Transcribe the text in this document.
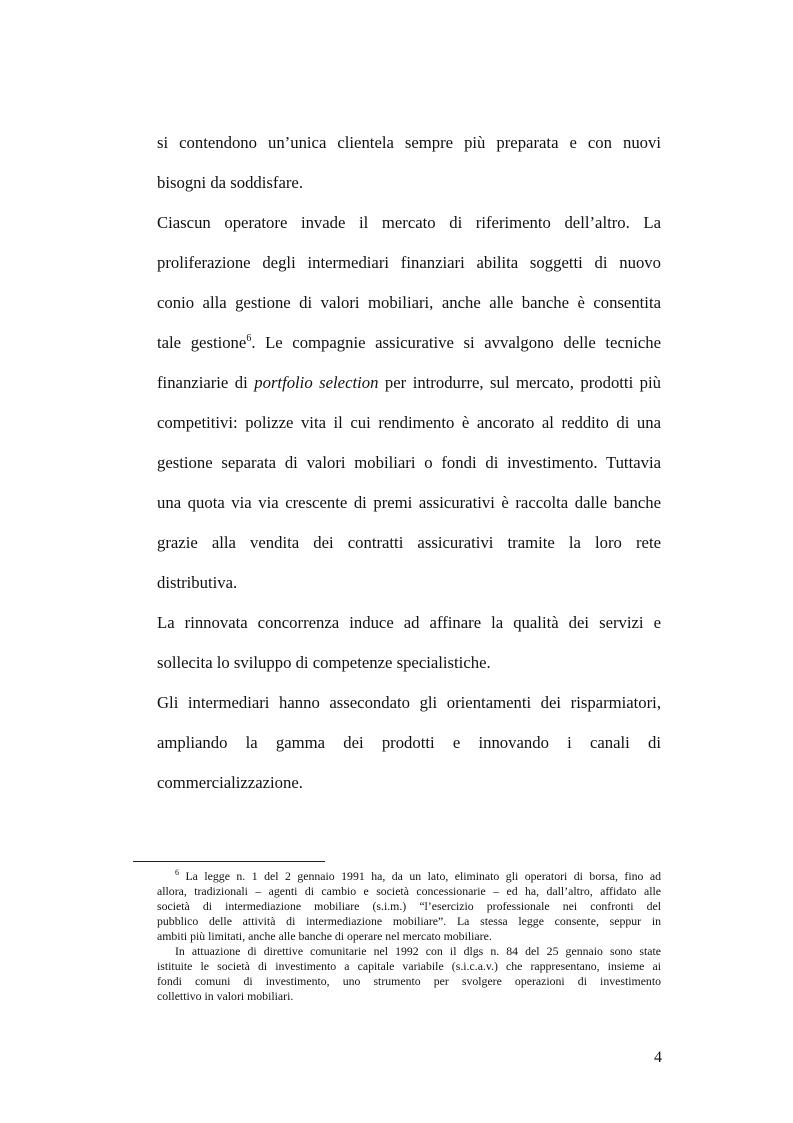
si contendono un’unica clientela sempre più preparata e con nuovi
bisogni da soddisfare.
Ciascun operatore invade il mercato di riferimento dell’altro. La
proliferazione degli intermediari finanziari abilita soggetti di nuovo
conio alla gestione di valori mobiliari, anche alle banche è consentita
tale gestione$^6$. Le compagnie assicurative si avvalgono delle tecniche
finanziarie di portfolio selection per introdurre, sul mercato, prodotti più
competitivi: polizze vita il cui rendimento è ancorato al reddito di una
gestione separata di valori mobiliari o fondi di investimento. Tuttavia
una quota via via crescente di premi assicurativi è raccolta dalle banche
grazie alla vendita dei contratti assicurativi tramite la loro rete
distributiva.
La rinnovata concorrenza induce ad affinare la qualità dei servizi e
sollecita lo sviluppo di competenze specialistiche.
Gli intermediari hanno assecondato gli orientamenti dei risparmiatori,
ampliando la gamma dei prodotti e innovando i canali di
commercializzazione.
$^6$ La legge n. 1 del 2 gennaio 1991 ha, da un lato, eliminato gli operatori di borsa, fino ad
allora, tradizionali – agenti di cambio e società concessionarie – ed ha, dall’altro, affidato alle
società di intermediazione mobiliare (s.i.m.) “l’esercizio professionale nei confronti del
pubblico delle attività di intermediazione mobiliare”. La stessa legge consente, seppur in
ambiti più limitati, anche alle banche di operare nel mercato mobiliare.
In attuazione di direttive comunitarie nel 1992 con il dlgs n. 84 del 25 gennaio sono state
istituite le società di investimento a capitale variabile (s.i.c.a.v.) che rappresentano, insieme ai
fondi comuni di investimento, uno strumento per svolgere operazioni di investimento
collettivo in valori mobiliari.
4
